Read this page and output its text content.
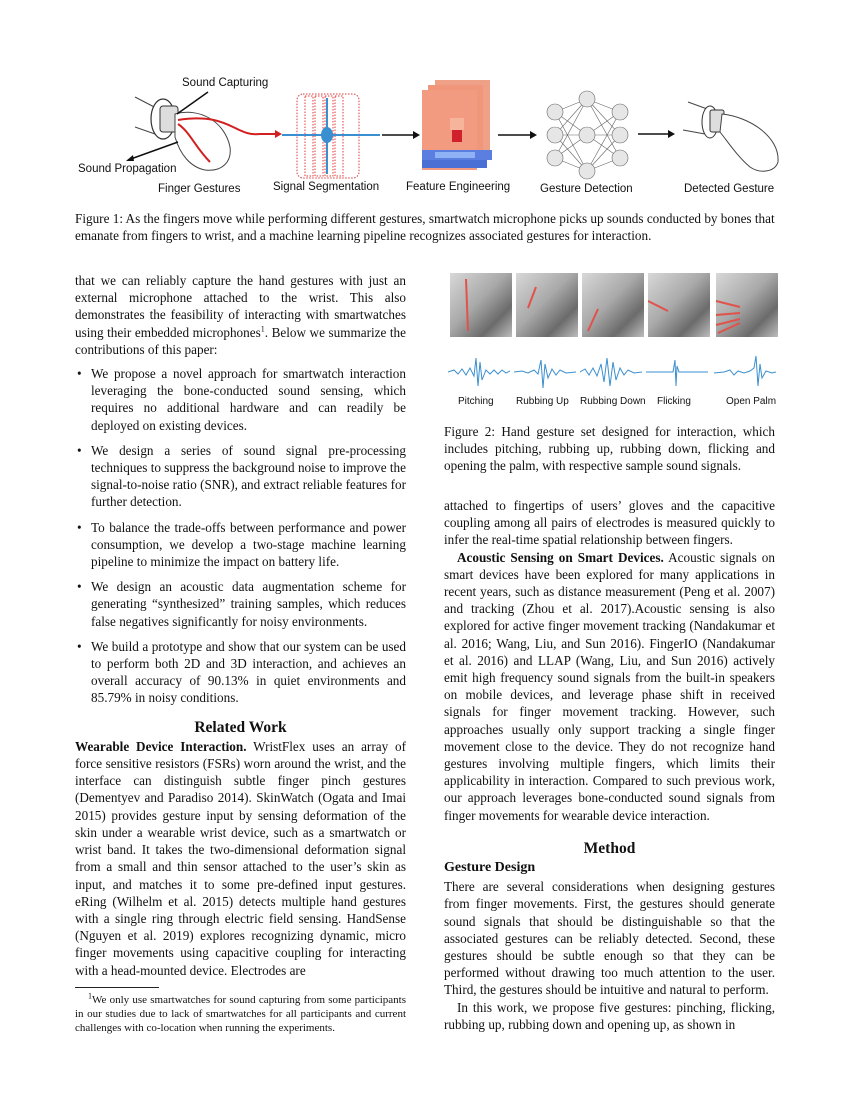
Sound Capturing
Sound Propagation
Finger Gestures	Signal Segmentation Feature Engineering	Gesture Detection	Detected Gesture
Figure 1: As the fingers move while performing different gestures, smartwatch microphone picks up sounds conducted by bones that emanate from fingers to wrist, and a machine learning pipeline recognizes associated gestures for interaction.

that we can reliably capture the hand gestures with just an external microphone attached to the wrist. This also demonstrates the feasibility of interacting with smartwatches using their embedded microphones$^1$. Below we summarize the contributions of this paper:

• We propose a novel approach for smartwatch interaction leveraging the bone-conducted sound sensing, which requires no additional hardware and can readily be deployed on existing devices.
• We design a series of sound signal pre-processing techniques to suppress the background noise to improve the signal-to-noise ratio (SNR), and extract reliable features for further detection.
• To balance the trade-offs between performance and power consumption, we develop a two-stage machine learning pipeline to minimize the impact on battery life.
• We design an acoustic data augmentation scheme for generating “synthesized” training samples, which reduces false negatives significantly for noisy environments.
• We build a prototype and show that our system can be used to perform both 2D and 3D interaction, and achieves an overall accuracy of 90.13% in quiet environments and 85.79% in noisy conditions.
Related Work

Wearable Device Interaction. WristFlex uses an array of force sensitive resistors (FSRs) worn around the wrist, and the interface can distinguish subtle finger pinch gestures (Dementyev and Paradiso 2014). SkinWatch (Ogata and Imai 2015) provides gesture input by sensing deformation of the skin under a wearable wrist device, such as a smartwatch or wrist band. It takes the two-dimensional deformation signal from a small and thin sensor attached to the user’s skin as input, and matches it to some pre-defined input gestures. eRing (Wilhelm et al. 2015) detects multiple hand gestures with a single ring through electric field sensing. HandSense (Nguyen et al. 2019) explores recognizing dynamic, micro finger movements using capacitive coupling for interacting with a head-mounted device. Electrodes are

$^1$We only use smartwatches for sound capturing from some participants in our studies due to lack of smartwatches for all participants and current challenges with co-location when running the experiments.

Pitching Rubbing Up Rubbing Down Flicking	Open Palm
Figure 2: Hand gesture set designed for interaction, which includes pitching, rubbing up, rubbing down, flicking and opening the palm, with respective sample sound signals.

attached to fingertips of users’ gloves and the capacitive coupling among all pairs of electrodes is measured quickly to infer the real-time spatial relationship between fingers.

Acoustic Sensing on Smart Devices. Acoustic signals on smart devices have been explored for many applications in recent years, such as distance measurement (Peng et al. 2007) and tracking (Zhou et al. 2017).Acoustic sensing is also explored for active finger movement tracking (Nandakumar et al. 2016; Wang, Liu, and Sun 2016). FingerIO (Nandakumar et al. 2016) and LLAP (Wang, Liu, and Sun 2016) actively emit high frequency sound signals from the built-in speakers on mobile devices, and leverage phase shift in received signals for finger movement tracking. However, such approaches usually only support tracking a single finger movement close to the device. They do not recognize hand gestures involving multiple fingers, which limits their applicability in interaction. Compared to such previous work, our approach leverages bone-conducted sound signals from finger movements for wearable device interaction.

Method
Gesture Design

There are several considerations when designing gestures from finger movements. First, the gestures should generate sound signals that should be distinguishable so that the associated gestures can be reliably detected. Second, these gestures should be subtle enough so that they can be performed without drawing too much attention to the user. Third, the gestures should be intuitive and natural to perform.

In this work, we propose five gestures: pinching, flicking, rubbing up, rubbing down and opening up, as shown in
